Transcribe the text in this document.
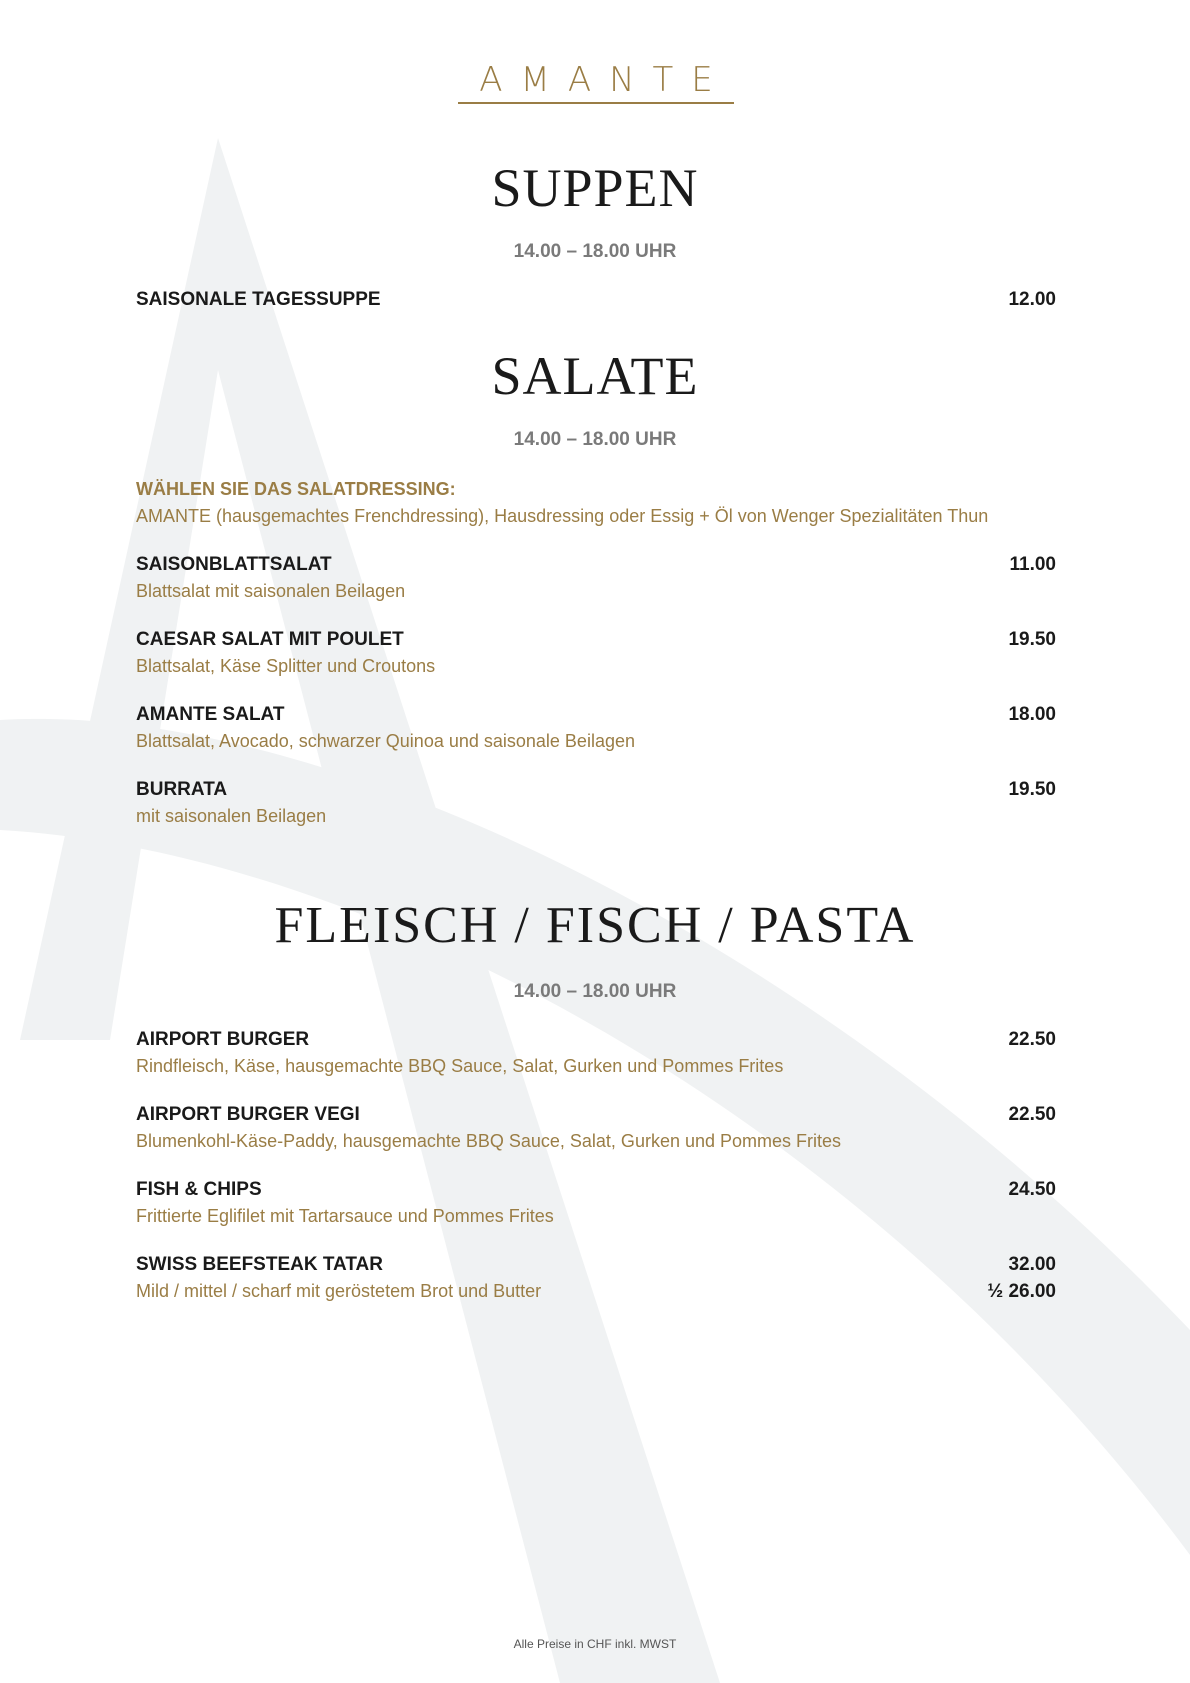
AMANTE
SUPPEN
14.00 – 18.00 UHR
SAISONALE TAGESSUPPE	12.00
SALATE
14.00 – 18.00 UHR
WÄHLEN SIE DAS SALATDRESSING:
AMANTE (hausgemachtes Frenchdressing), Hausdressing oder Essig + Öl von Wenger Spezialitäten Thun
SAISONBLATTSALAT	11.00
Blattsalat mit saisonalen Beilagen
CAESAR SALAT MIT POULET	19.50
Blattsalat, Käse Splitter und Croutons
AMANTE SALAT	18.00
Blattsalat, Avocado, schwarzer Quinoa und saisonale Beilagen
BURRATA	19.50
mit saisonalen Beilagen
FLEISCH / FISCH / PASTA
14.00 – 18.00 UHR
AIRPORT BURGER	22.50
Rindfleisch, Käse, hausgemachte BBQ Sauce, Salat, Gurken und Pommes Frites
AIRPORT BURGER VEGI	22.50
Blumenkohl-Käse-Paddy, hausgemachte BBQ Sauce, Salat, Gurken und Pommes Frites
FISH & CHIPS	24.50
Frittierte Eglifilet mit Tartarsauce und Pommes Frites
SWISS BEEFSTEAK TATAR	32.00
Mild / mittel / scharf mit geröstetem Brot und Butter	½ 26.00
Alle Preise in CHF inkl. MWST
